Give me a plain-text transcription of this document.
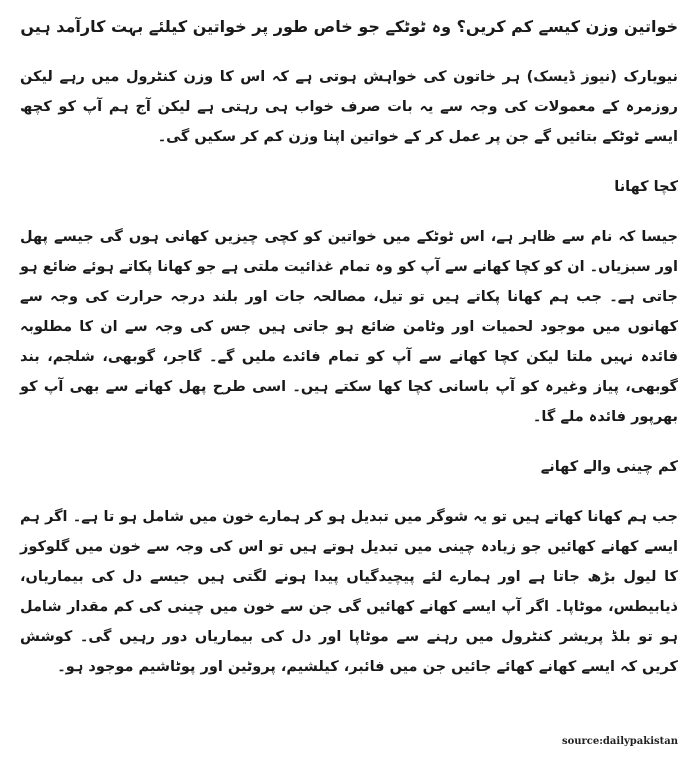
خواتین وزن کیسے کم کریں؟ وہ ٹوٹکے جو خاص طور پر خواتین کیلئے بہت کارآمد ہیں

نیویارک (نیوز ڈیسک) ہر خاتون کی خواہش ہوتی ہے کہ اس کا وزن کنٹرول میں رہے لیکن روزمرہ کے معمولات کی وجہ سے یہ بات صرف خواب ہی رہتی ہے لیکن آج ہم آپ کو کچھ ایسے ٹوٹکے بتائیں گے جن پر عمل کر کے خواتین اپنا وزن کم کر سکیں گی۔

کچا کھانا

جیسا کہ نام سے ظاہر ہے، اس ٹوٹکے میں خواتین کو کچی چیزیں کھانی ہوں گی جیسے پھل اور سبزیاں۔ ان کو کچا کھانے سے آپ کو وہ تمام غذائیت ملتی ہے جو کھانا پکاتے ہوئے ضائع ہو جاتی ہے۔ جب ہم کھانا پکاتے ہیں تو تیل، مصالحہ جات اور بلند درجہ حرارت کی وجہ سے کھانوں میں موجود لحمیات اور وٹامن ضائع ہو جاتی ہیں جس کی وجہ سے ان کا مطلوبہ فائدہ نہیں ملتا لیکن کچا کھانے سے آپ کو تمام فائدے ملیں گے۔ گاجر، گوبھی، شلجم، بند گوبھی، پیاز وغیرہ کو آپ باسانی کچا کھا سکتے ہیں۔ اسی طرح پھل کھانے سے بھی آپ کو بھرپور فائدہ ملے گا۔

کم چینی والے کھانے

جب ہم کھانا کھاتے ہیں تو یہ شوگر میں تبدیل ہو کر ہمارے خون میں شامل ہو تا ہے۔ اگر ہم ایسے کھانے کھائیں جو زیادہ چینی میں تبدیل ہوتے ہیں تو اس کی وجہ سے خون میں گلوکوز کا لیول بڑھ جاتا ہے اور ہمارے لئے پیچیدگیاں پیدا ہونے لگتی ہیں جیسے دل کی بیماریاں، ذیابیطس، موٹاپا۔ اگر آپ ایسے کھانے کھائیں گی جن سے خون میں چینی کی کم مقدار شامل ہو تو بلڈ پریشر کنٹرول میں رہنے سے موٹاپا اور دل کی بیماریاں دور رہیں گی۔ کوشش کریں کہ ایسے کھانے کھائے جائیں جن میں فائبر، کیلشیم، پروٹین اور پوٹاشیم موجود ہو۔

source:dailypakistan
